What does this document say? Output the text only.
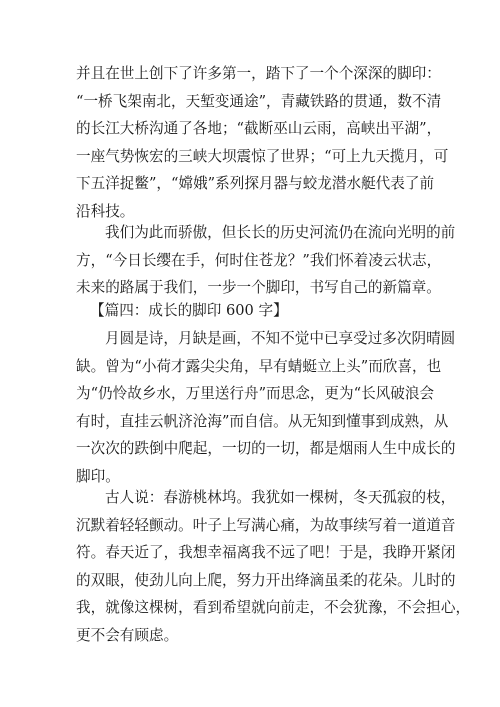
并且在世上创下了许多第一，踏下了一个个深深的脚印：
“一桥飞架南北，天堑变通途”，青藏铁路的贯通，数不清
的长江大桥沟通了各地；“截断巫山云雨，高峡出平湖”，
一座气势恢宏的三峡大坝震惊了世界；“可上九天揽月，可
下五洋捉鳖”，“嫦娥”系列探月器与蛟龙潜水艇代表了前
沿科技。
我们为此而骄傲，但长长的历史河流仍在流向光明的前
方，“今日长缨在手，何时住苍龙？”我们怀着凌云状志，
未来的路属于我们，一步一个脚印，书写自己的新篇章。
【篇四：成长的脚印 600 字】
月圆是诗，月缺是画，不知不觉中已享受过多次阴晴圆
缺。曾为“小荷才露尖尖角，早有蜻蜓立上头”而欣喜，也
为“仍怜故乡水，万里送行舟”而思念，更为“长风破浪会
有时，直挂云帆济沧海”而自信。从无知到懂事到成熟，从
一次次的跌倒中爬起，一切的一切，都是烟雨人生中成长的
脚印。
古人说：春游桃林坞。我犹如一棵树，冬天孤寂的枝，
沉默着轻轻颤动。叶子上写满心痛，为故事续写着一道道音
符。春天近了，我想幸福离我不远了吧！于是，我睁开紧闭
的双眼，使劲儿向上爬，努力开出绛滴虽柔的花朵。儿时的
我，就像这棵树，看到希望就向前走，不会犹豫，不会担心，
更不会有顾虑。
